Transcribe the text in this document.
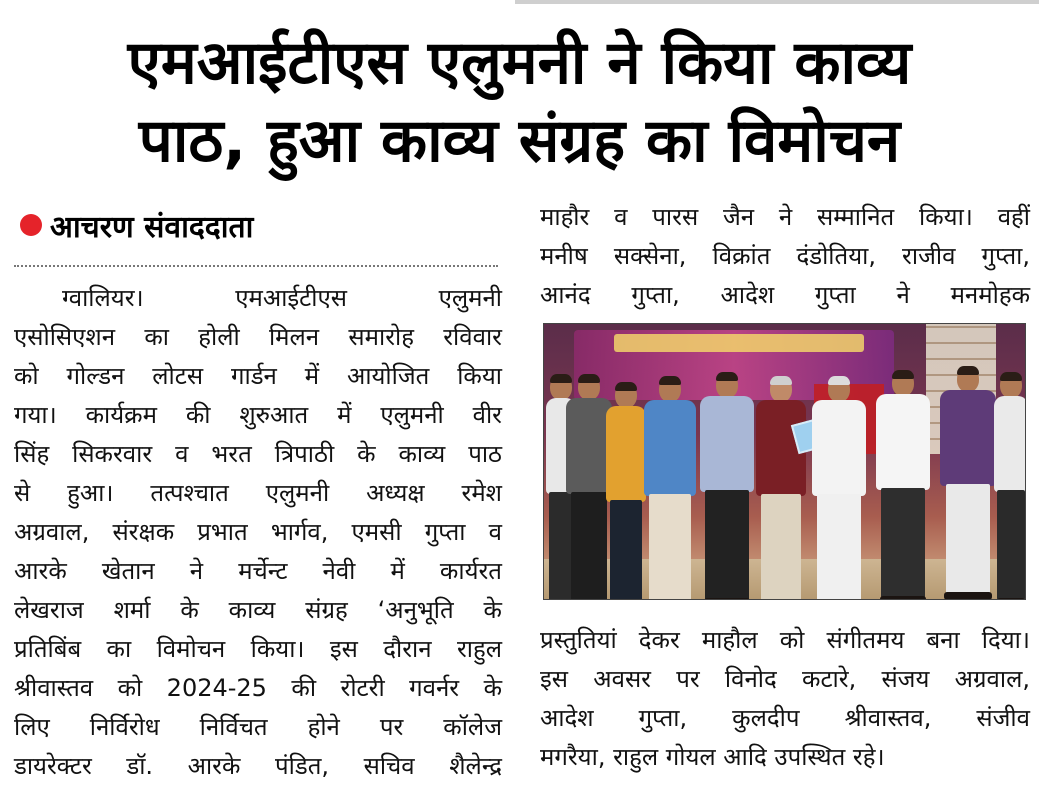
एमआईटीएस एलुमनी ने किया काव्य
पाठ, हुआ काव्य संग्रह का विमोचन
आचरण संवाददाता
ग्वालियर। एमआईटीएस एलुमनी
एसोसिएशन का होली मिलन समारोह रविवार
को गोल्डन लोटस गार्डन में आयोजित किया
गया। कार्यक्रम की शुरुआत में एलुमनी वीर
सिंह सिकरवार व भरत त्रिपाठी के काव्य पाठ
से हुआ। तत्पश्चात एलुमनी अध्यक्ष रमेश
अग्रवाल, संरक्षक प्रभात भार्गव, एमसी गुप्ता व
आरके खेतान ने मर्चेन्ट नेवी में कार्यरत
लेखराज शर्मा के काव्य संग्रह ‘अनुभूति के
प्रतिबिंब का विमोचन किया। इस दौरान राहुल
श्रीवास्तव को 2024-25 की रोटरी गवर्नर के
लिए निर्विरोध निर्विचत होने पर कॉलेज
डायरेक्टर डॉ. आरके पंडित, सचिव शैलेन्द्र
माहौर व पारस जैन ने सम्मानित किया। वहीं
मनीष सक्सेना, विक्रांत दंडोतिया, राजीव गुप्ता,
आनंद गुप्ता, आदेश गुप्ता ने मनमोहक
प्रस्तुतियां देकर माहौल को संगीतमय बना दिया।
इस अवसर पर विनोद कटारे, संजय अग्रवाल,
आदेश गुप्ता, कुलदीप श्रीवास्तव, संजीव
मगरैया, राहुल गोयल आदि उपस्थित रहे।
